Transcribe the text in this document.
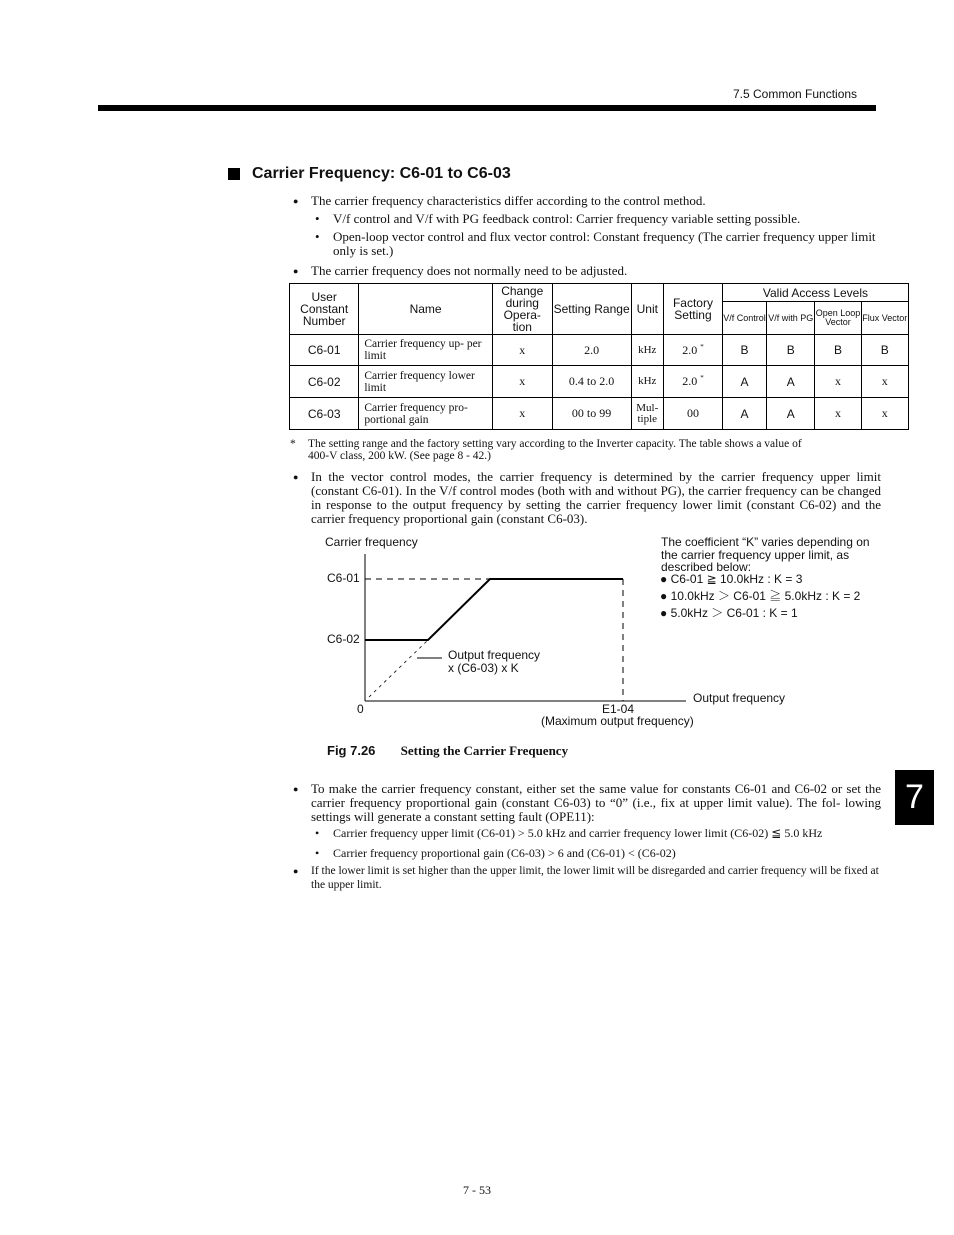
7.5 Common Functions
Carrier Frequency: C6-01 to C6-03
● The carrier frequency characteristics differ according to the control method.
• V/f control and V/f with PG feedback control: Carrier frequency variable setting possible.
• Open-loop vector control and flux vector control: Constant frequency (The carrier frequency upper limit only is set.)
● The carrier frequency does not normally need to be adjusted.
User Constant Number	Name	Change during Opera- tion	Setting Range	Unit	Factory Setting	Valid Access Levels			
						V/f Control	V/f with PG	Open Loop Vector	Flux Vector
C6-01	Carrier frequency up- per limit	x	2.0	kHz	2.0 *	B	B	B	B
C6-02	Carrier frequency lower limit	x	0.4 to 2.0	kHz	2.0 *	A	A	x	x
C6-03	Carrier frequency pro- portional gain	x	00 to 99	Mul- tiple	00	A	A	x	x
* The setting range and the factory setting vary according to the Inverter capacity. The table shows a value of 400-V class, 200 kW. (See page 8 - 42.)
● In the vector control modes, the carrier frequency is determined by the carrier frequency upper limit (constant C6-01). In the V/f control modes (both with and without PG), the carrier frequency can be changed in response to the output frequency by setting the carrier frequency lower limit (constant C6-02) and the carrier frequency proportional gain (constant C6-03).
Carrier frequency
C6-01
C6-02
0	E1-04
(Maximum output frequency)
Output frequency
Output frequency
x (C6-03) x K
The coefficient “K” varies depending on the carrier frequency upper limit, as described below:
● C6-01 ≧ 10.0kHz : K = 3
● 10.0kHz ＞ C6-01 ≧ 5.0kHz : K = 2
● 5.0kHz ＞ C6-01 : K = 1
Fig 7.26 Setting the Carrier Frequency
● To make the carrier frequency constant, either set the same value for constants C6-01 and C6-02 or set the carrier frequency proportional gain (constant C6-03) to “0” (i.e., fix at upper limit value). The fol- lowing settings will generate a constant setting fault (OPE11):
• Carrier frequency upper limit (C6-01) > 5.0 kHz and carrier frequency lower limit (C6-02) ≦ 5.0 kHz
• Carrier frequency proportional gain (C6-03) > 6 and (C6-01) < (C6-02)
● If the lower limit is set higher than the upper limit, the lower limit will be disregarded and carrier frequency will be fixed at the upper limit.
7
7 - 53
